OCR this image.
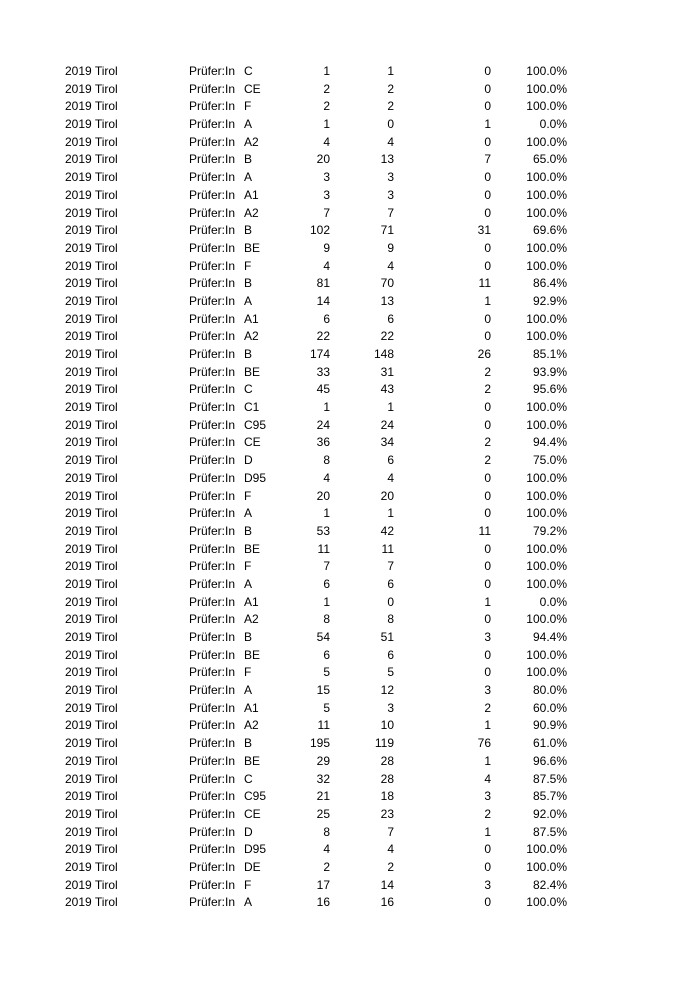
2019 Tirol	Prüfer:In C	1	1	0	100.0%
2019 Tirol	Prüfer:In CE	2	2	0	100.0%
2019 Tirol	Prüfer:In F	2	2	0	100.0%
2019 Tirol	Prüfer:In A	1	0	1	0.0%
2019 Tirol	Prüfer:In A2	4	4	0	100.0%
2019 Tirol	Prüfer:In B	20	13	7	65.0%
2019 Tirol	Prüfer:In A	3	3	0	100.0%
2019 Tirol	Prüfer:In A1	3	3	0	100.0%
2019 Tirol	Prüfer:In A2	7	7	0	100.0%
2019 Tirol	Prüfer:In B	102	71	31	69.6%
2019 Tirol	Prüfer:In BE	9	9	0	100.0%
2019 Tirol	Prüfer:In F	4	4	0	100.0%
2019 Tirol	Prüfer:In B	81	70	11	86.4%
2019 Tirol	Prüfer:In A	14	13	1	92.9%
2019 Tirol	Prüfer:In A1	6	6	0	100.0%
2019 Tirol	Prüfer:In A2	22	22	0	100.0%
2019 Tirol	Prüfer:In B	174	148	26	85.1%
2019 Tirol	Prüfer:In BE	33	31	2	93.9%
2019 Tirol	Prüfer:In C	45	43	2	95.6%
2019 Tirol	Prüfer:In C1	1	1	0	100.0%
2019 Tirol	Prüfer:In C95	24	24	0	100.0%
2019 Tirol	Prüfer:In CE	36	34	2	94.4%
2019 Tirol	Prüfer:In D	8	6	2	75.0%
2019 Tirol	Prüfer:In D95	4	4	0	100.0%
2019 Tirol	Prüfer:In F	20	20	0	100.0%
2019 Tirol	Prüfer:In A	1	1	0	100.0%
2019 Tirol	Prüfer:In B	53	42	11	79.2%
2019 Tirol	Prüfer:In BE	11	11	0	100.0%
2019 Tirol	Prüfer:In F	7	7	0	100.0%
2019 Tirol	Prüfer:In A	6	6	0	100.0%
2019 Tirol	Prüfer:In A1	1	0	1	0.0%
2019 Tirol	Prüfer:In A2	8	8	0	100.0%
2019 Tirol	Prüfer:In B	54	51	3	94.4%
2019 Tirol	Prüfer:In BE	6	6	0	100.0%
2019 Tirol	Prüfer:In F	5	5	0	100.0%
2019 Tirol	Prüfer:In A	15	12	3	80.0%
2019 Tirol	Prüfer:In A1	5	3	2	60.0%
2019 Tirol	Prüfer:In A2	11	10	1	90.9%
2019 Tirol	Prüfer:In B	195	119	76	61.0%
2019 Tirol	Prüfer:In BE	29	28	1	96.6%
2019 Tirol	Prüfer:In C	32	28	4	87.5%
2019 Tirol	Prüfer:In C95	21	18	3	85.7%
2019 Tirol	Prüfer:In CE	25	23	2	92.0%
2019 Tirol	Prüfer:In D	8	7	1	87.5%
2019 Tirol	Prüfer:In D95	4	4	0	100.0%
2019 Tirol	Prüfer:In DE	2	2	0	100.0%
2019 Tirol	Prüfer:In F	17	14	3	82.4%
2019 Tirol	Prüfer:In A	16	16	0	100.0%
